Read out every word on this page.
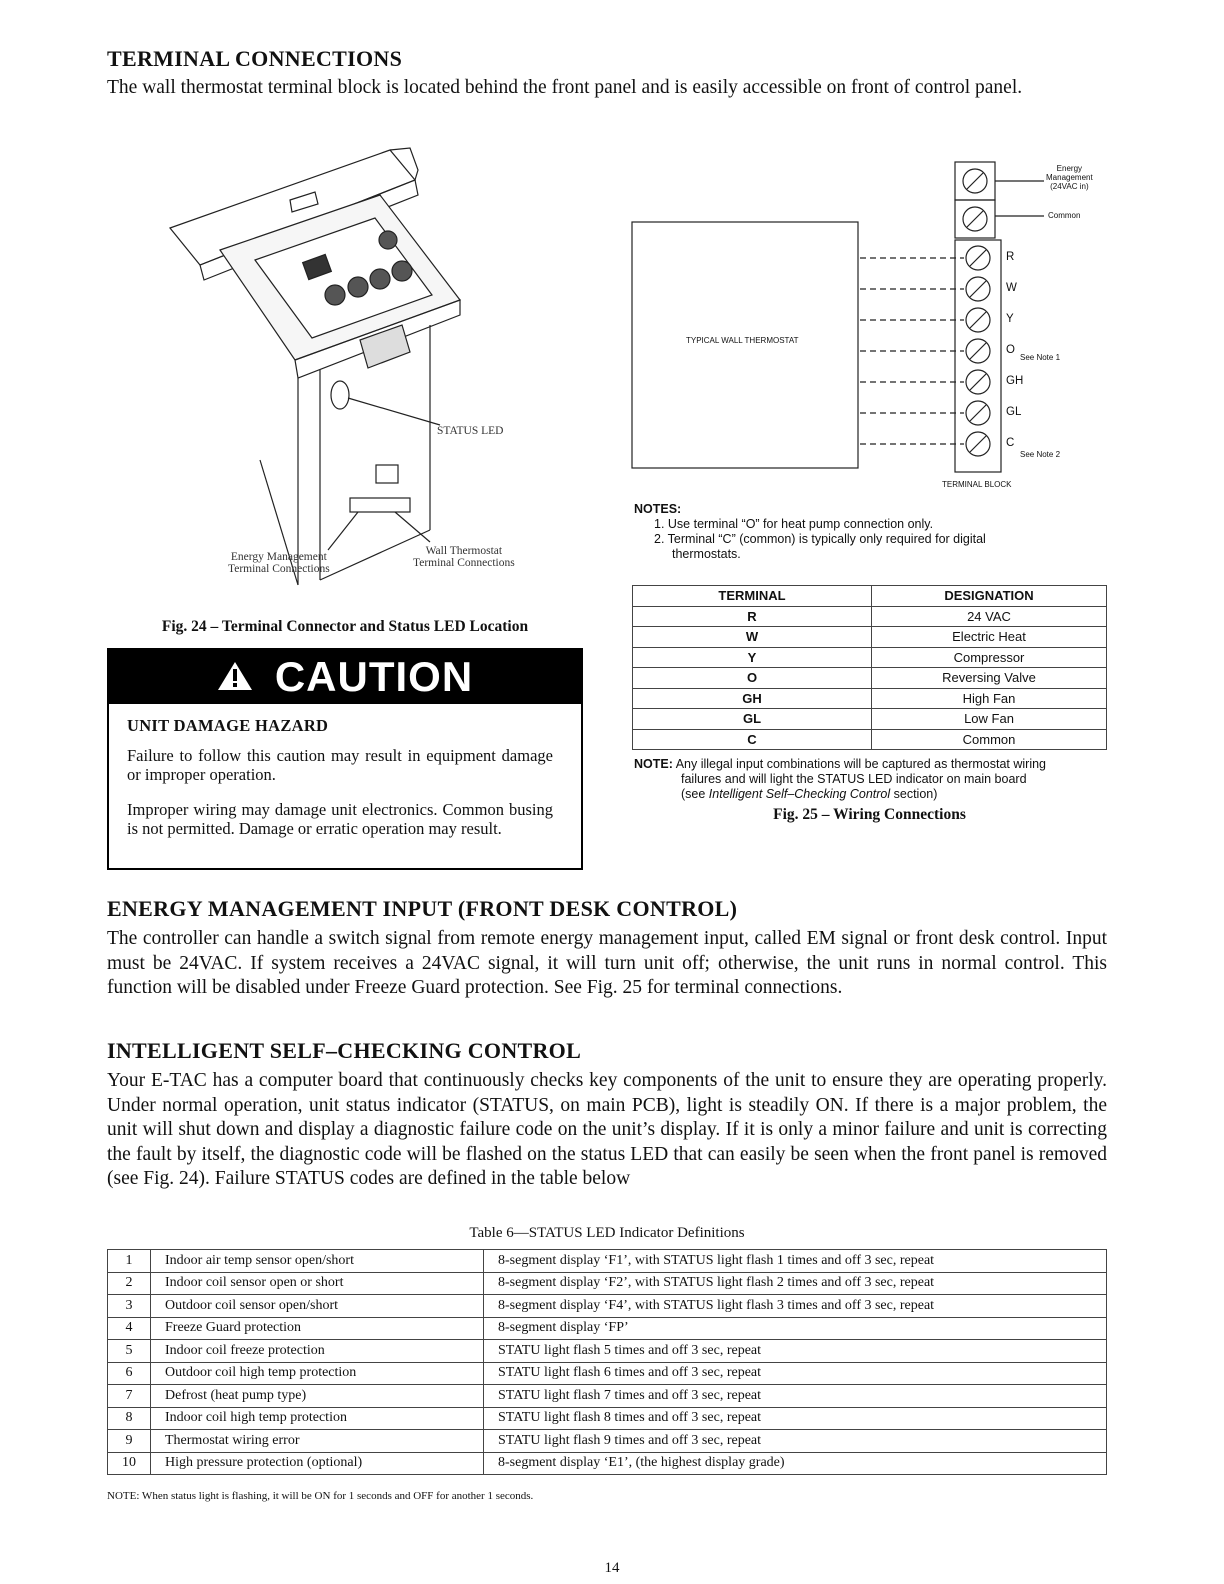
TERMINAL CONNECTIONS
The wall thermostat terminal block is located behind the front panel and is easily accessible on front of control panel.
STATUS LED
Energy Management
Terminal Connections
Wall Thermostat
Terminal Connections
Fig. 24 – Terminal Connector and Status LED Location
CAUTION
UNIT DAMAGE HAZARD

Failure to follow this caution may result in equipment damage or improper operation.

Improper wiring may damage unit electronics. Common busing is not permitted. Damage or erratic operation may result.

Energy
Management
(24VAC in)
Common
TYPICAL WALL THERMOSTAT
TERMINAL BLOCK
R
W
Y
O
GH
GL
C
See Note 1
See Note 2
NOTES:
1. Use terminal “O” for heat pump connection only.
2. Terminal “C” (common) is typically only required for digital
thermostats.
TERMINAL	DESIGNATION
R	24 VAC
W	Electric Heat
Y	Compressor
O	Reversing Valve
GH	High Fan
GL	Low Fan
C	Common
NOTE: Any illegal input combinations will be captured as thermostat wiring
failures and will light the STATUS LED indicator on main board
(see Intelligent Self–Checking Control section)
Fig. 25 – Wiring Connections
ENERGY MANAGEMENT INPUT (FRONT DESK CONTROL)
The controller can handle a switch signal from remote energy management input, called EM signal or front desk control. Input must be 24VAC. If system receives a 24VAC signal, it will turn unit off; otherwise, the unit runs in normal control. This function will be disabled under Freeze Guard protection. See Fig. 25 for terminal connections.
INTELLIGENT SELF–CHECKING CONTROL
Your E-TAC has a computer board that continuously checks key components of the unit to ensure they are operating properly. Under normal operation, unit status indicator (STATUS, on main PCB), light is steadily ON. If there is a major problem, the unit will shut down and display a diagnostic failure code on the unit’s display. If it is only a minor failure and unit is correcting the fault by itself, the diagnostic code will be flashed on the status LED that can easily be seen when the front panel is removed (see Fig. 24). Failure STATUS codes are defined in the table below
Table 6—STATUS LED Indicator Definitions
1	Indoor air temp sensor open/short	8-segment display ‘F1’, with STATUS light flash 1 times and off 3 sec, repeat
2	Indoor coil sensor open or short	8-segment display ‘F2’, with STATUS light flash 2 times and off 3 sec, repeat
3	Outdoor coil sensor open/short	8-segment display ‘F4’, with STATUS light flash 3 times and off 3 sec, repeat
4	Freeze Guard protection	8-segment display ‘FP’
5	Indoor coil freeze protection	STATU light flash 5 times and off 3 sec, repeat
6	Outdoor coil high temp protection	STATU light flash 6 times and off 3 sec, repeat
7	Defrost (heat pump type)	STATU light flash 7 times and off 3 sec, repeat
8	Indoor coil high temp protection	STATU light flash 8 times and off 3 sec, repeat
9	Thermostat wiring error	STATU light flash 9 times and off 3 sec, repeat
10	High pressure protection (optional)	8-segment display ‘E1’, (the highest display grade)
NOTE: When status light is flashing, it will be ON for 1 seconds and OFF for another 1 seconds.
14
